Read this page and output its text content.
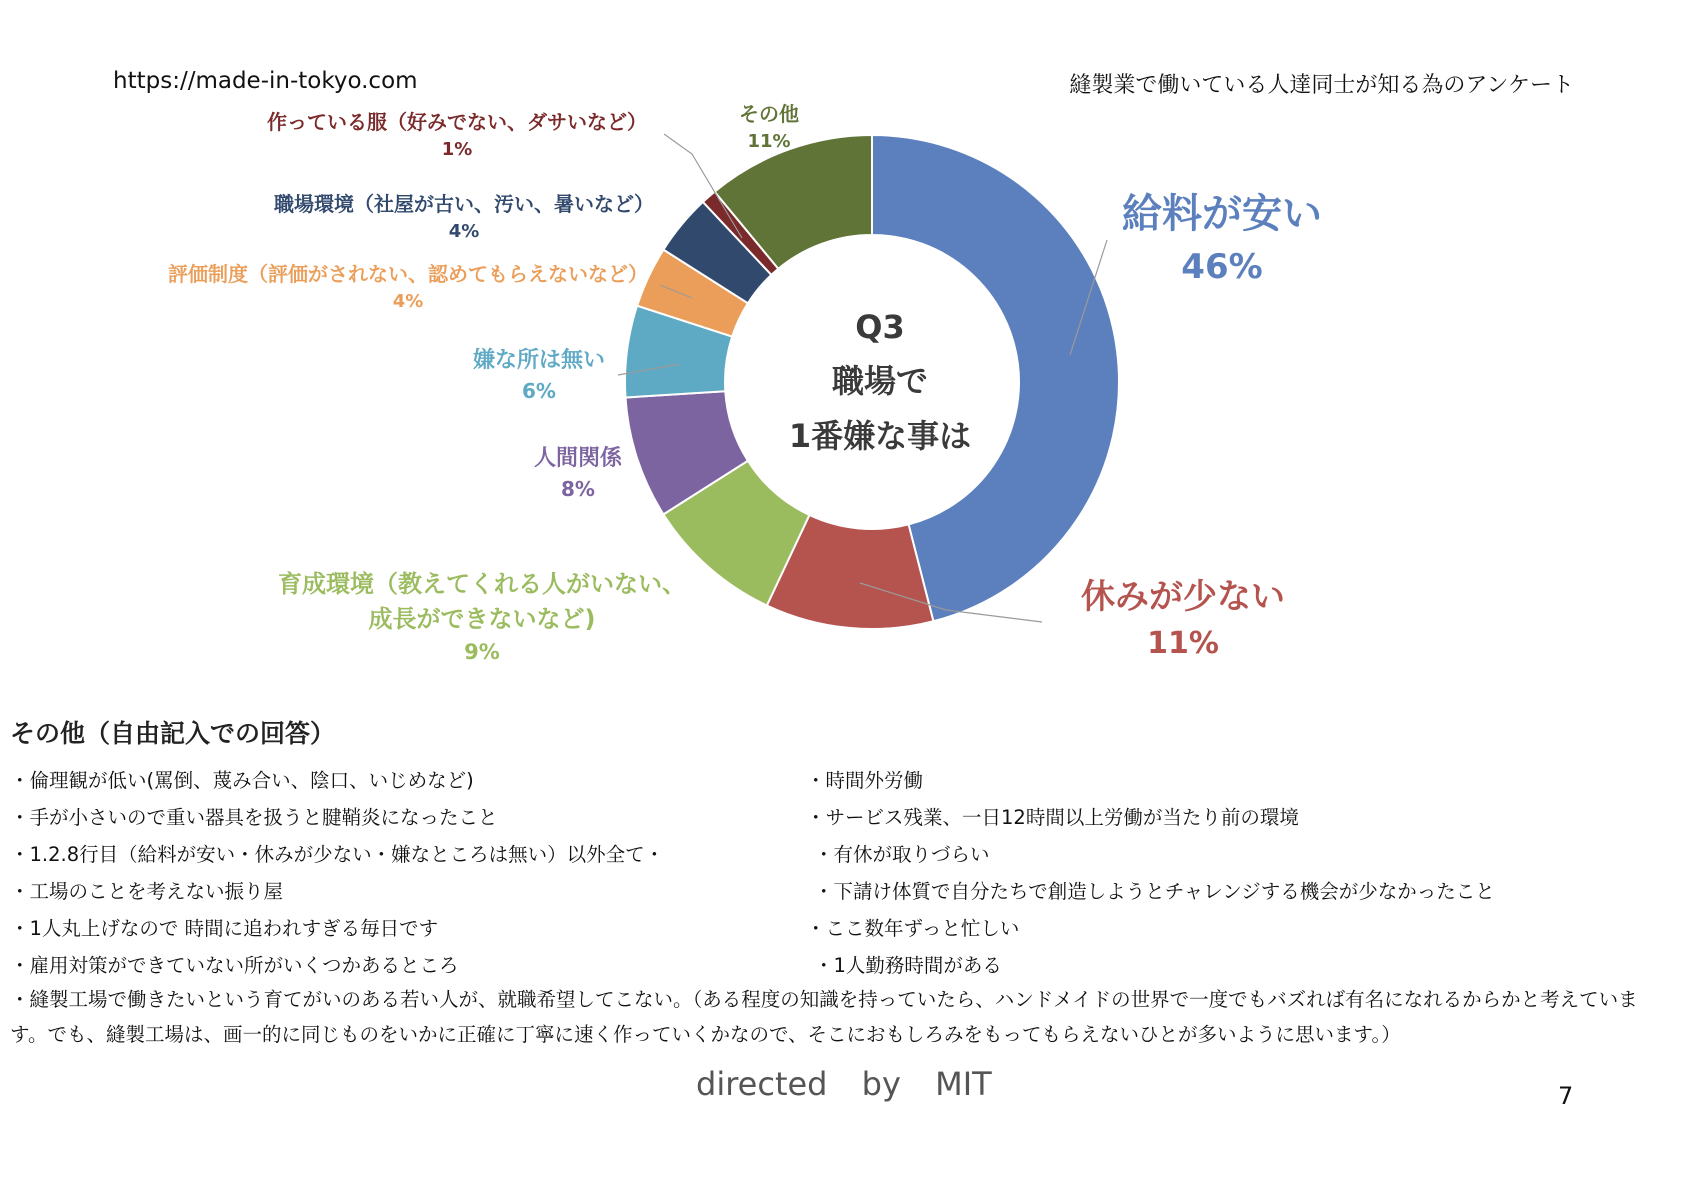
https://made-in-tokyo.com	縫製業で働いている人達同士が知る為のアンケート
給料が安い
46%
休みが少ない
11%
育成環境（教えてくれる人がいない、
成長ができないなど)
9%
人間関係
8%
嫌な所は無い
6%
評価制度（評価がされない、認めてもらえないなど）
4%
職場環境（社屋が古い、汚い、暑いなど）
4%
作っている服（好みでない、ダサいなど）
1%
その他
11%
Q3
職場で
1番嫌な事は
その他（自由記入での回答）
・倫理観が低い(罵倒、蔑み合い、陰口、いじめなど)
・手が小さいので重い器具を扱うと腱鞘炎になったこと
・1.2.8行目（給料が安い・休みが少ない・嫌なところは無い）以外全て・
・工場のことを考えない振り屋
・1人丸上げなので 時間に追われすぎる毎日です
・雇用対策ができていない所がいくつかあるところ
・時間外労働
・サービス残業、一日12時間以上労働が当たり前の環境
・有休が取りづらい
・下請け体質で自分たちで創造しようとチャレンジする機会が少なかったこと
・ここ数年ずっと忙しい
・1人勤務時間がある
・縫製工場で働きたいという育てがいのある若い人が、就職希望してこない。（ある程度の知識を持っていたら、ハンドメイドの世界で一度でもバズれば有名になれるからかと考えています。でも、縫製工場は、画一的に同じものをいかに正確に丁寧に速く作っていくかなので、そこにおもしろみをもってもらえないひとが多いように思います。）
directed by MIT	7
